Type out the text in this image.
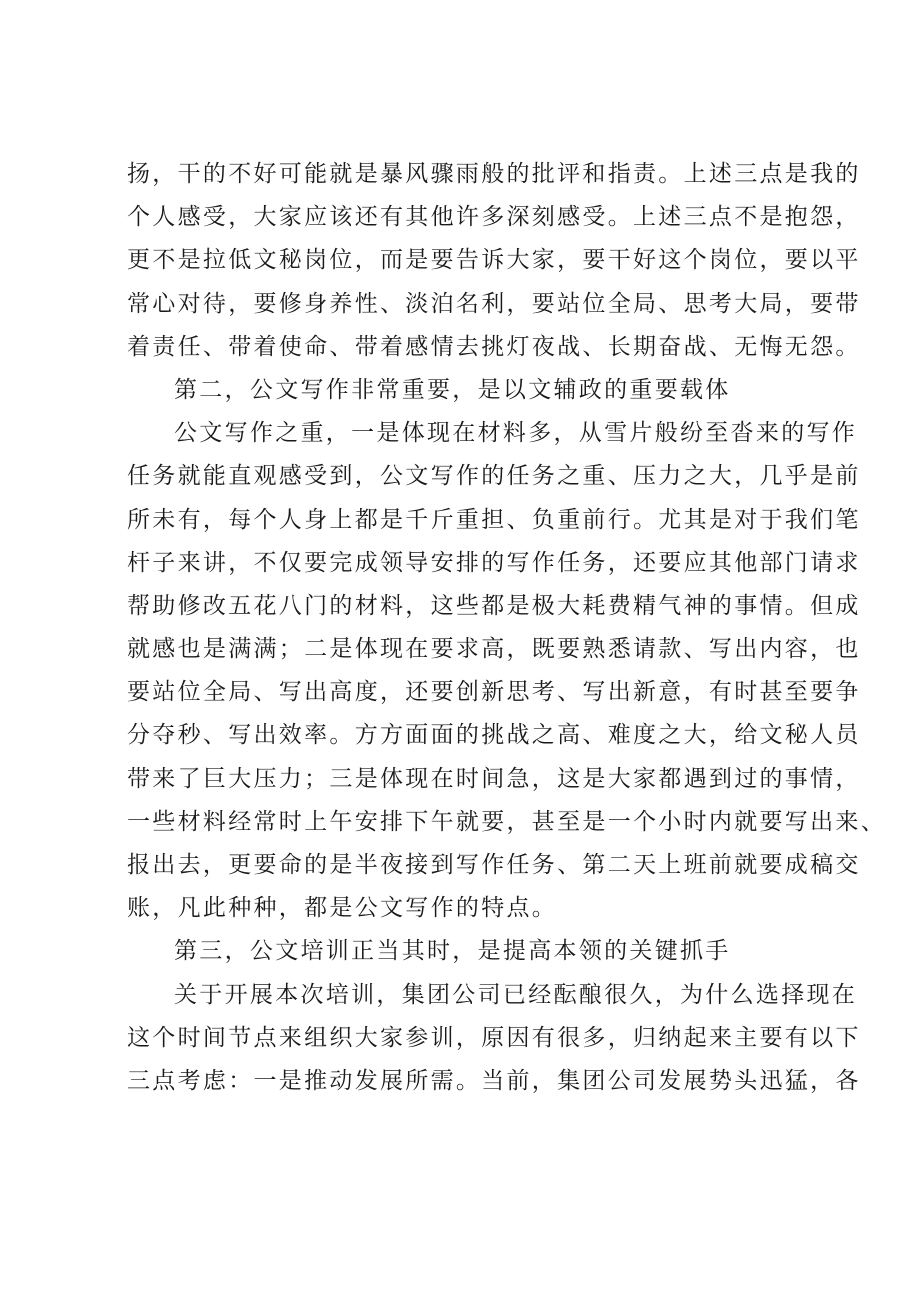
扬，干的不好可能就是暴风骤雨般的批评和指责。上述三点是我的
个人感受，大家应该还有其他许多深刻感受。上述三点不是抱怨，
更不是拉低文秘岗位，而是要告诉大家，要干好这个岗位，要以平
常心对待，要修身养性、淡泊名利，要站位全局、思考大局，要带
着责任、带着使命、带着感情去挑灯夜战、长期奋战、无悔无怨。
第二，公文写作非常重要，是以文辅政的重要载体
公文写作之重，一是体现在材料多，从雪片般纷至沓来的写作
任务就能直观感受到，公文写作的任务之重、压力之大，几乎是前
所未有，每个人身上都是千斤重担、负重前行。尤其是对于我们笔
杆子来讲，不仅要完成领导安排的写作任务，还要应其他部门请求
帮助修改五花八门的材料，这些都是极大耗费精气神的事情。但成
就感也是满满；二是体现在要求高，既要熟悉请款、写出内容，也
要站位全局、写出高度，还要创新思考、写出新意，有时甚至要争
分夺秒、写出效率。方方面面的挑战之高、难度之大，给文秘人员
带来了巨大压力；三是体现在时间急，这是大家都遇到过的事情，
一些材料经常时上午安排下午就要，甚至是一个小时内就要写出来、
报出去，更要命的是半夜接到写作任务、第二天上班前就要成稿交
账，凡此种种，都是公文写作的特点。
第三，公文培训正当其时，是提高本领的关键抓手
关于开展本次培训，集团公司已经酝酿很久，为什么选择现在
这个时间节点来组织大家参训，原因有很多，归纳起来主要有以下
三点考虑：一是推动发展所需。当前，集团公司发展势头迅猛，各
